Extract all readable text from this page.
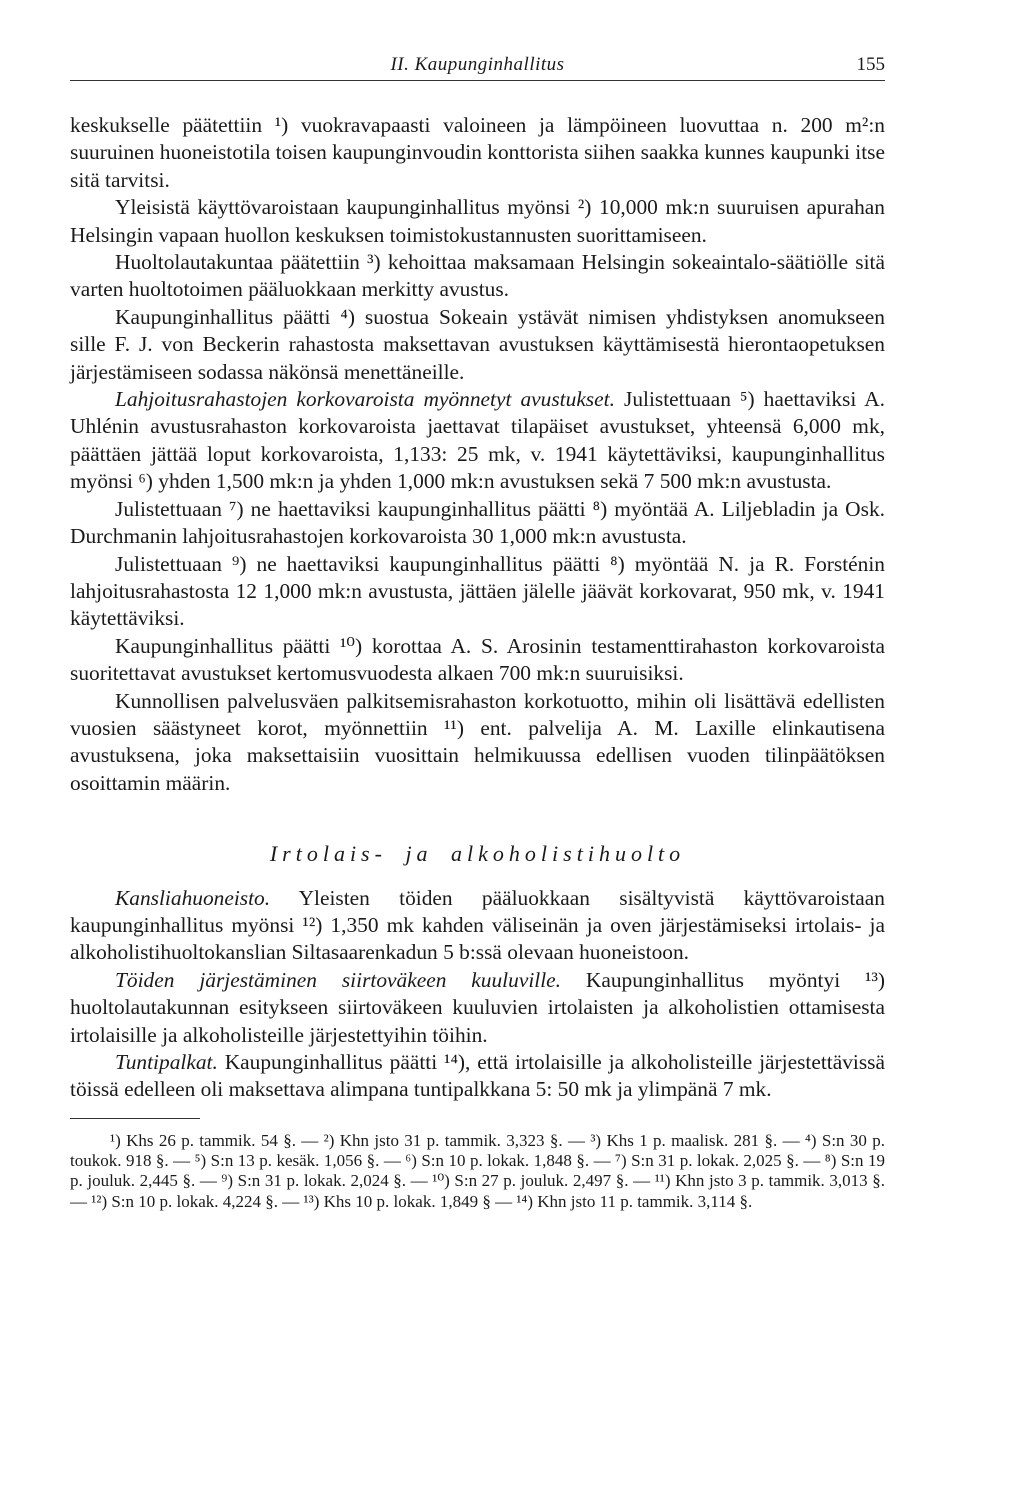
II. Kaupunginhallitus	155

keskukselle päätettiin ¹) vuokravapaasti valoineen ja lämpöineen luovuttaa n. 200 m²:n suuruinen huoneistotila toisen kaupunginvoudin konttorista siihen saakka kunnes kaupunki itse sitä tarvitsi.

Yleisistä käyttövaroistaan kaupunginhallitus myönsi ²) 10,000 mk:n suuruisen apurahan Helsingin vapaan huollon keskuksen toimistokustannusten suorittamiseen.

Huoltolautakuntaa päätettiin ³) kehoittaa maksamaan Helsingin sokeaintalo-säätiölle sitä varten huoltotoimen pääluokkaan merkitty avustus.

Kaupunginhallitus päätti ⁴) suostua Sokeain ystävät nimisen yhdistyksen anomukseen sille F. J. von Beckerin rahastosta maksettavan avustuksen käyttämisestä hierontaopetuksen järjestämiseen sodassa näkönsä menettäneille.

Lahjoitusrahastojen korkovaroista myönnetyt avustukset. Julistettuaan ⁵) haettaviksi A. Uhlénin avustusrahaston korkovaroista jaettavat tilapäiset avustukset, yhteensä 6,000 mk, päättäen jättää loput korkovaroista, 1,133: 25 mk, v. 1941 käytettäviksi, kaupunginhallitus myönsi ⁶) yhden 1,500 mk:n ja yhden 1,000 mk:n avustuksen sekä 7 500 mk:n avustusta.

Julistettuaan ⁷) ne haettaviksi kaupunginhallitus päätti ⁸) myöntää A. Liljebladin ja Osk. Durchmanin lahjoitusrahastojen korkovaroista 30 1,000 mk:n avustusta.

Julistettuaan ⁹) ne haettaviksi kaupunginhallitus päätti ⁸) myöntää N. ja R. Forsténin lahjoitusrahastosta 12 1,000 mk:n avustusta, jättäen jälelle jäävät korkovarat, 950 mk, v. 1941 käytettäviksi.

Kaupunginhallitus päätti ¹⁰) korottaa A. S. Arosinin testamenttirahaston korkovaroista suoritettavat avustukset kertomusvuodesta alkaen 700 mk:n suuruisiksi.

Kunnollisen palvelusväen palkitsemisrahaston korkotuotto, mihin oli lisättävä edellisten vuosien säästyneet korot, myönnettiin ¹¹) ent. palvelija A. M. Laxille elinkautisena avustuksena, joka maksettaisiin vuosittain helmikuussa edellisen vuoden tilinpäätöksen osoittamin määrin.

Irtolais- ja alkoholistihuolto

Kansliahuoneisto. Yleisten töiden pääluokkaan sisältyvistä käyttövaroistaan kaupunginhallitus myönsi ¹²) 1,350 mk kahden väliseinän ja oven järjestämiseksi irtolais- ja alkoholistihuoltokanslian Siltasaarenkadun 5 b:ssä olevaan huoneistoon.

Töiden järjestäminen siirtoväkeen kuuluville. Kaupunginhallitus myöntyi ¹³) huoltolautakunnan esitykseen siirtoväkeen kuuluvien irtolaisten ja alkoholistien ottamisesta irtolaisille ja alkoholisteille järjestettyihin töihin.

Tuntipalkat. Kaupunginhallitus päätti ¹⁴), että irtolaisille ja alkoholisteille järjestettävissä töissä edelleen oli maksettava alimpana tuntipalkkana 5: 50 mk ja ylimpänä 7 mk.

¹) Khs 26 p. tammik. 54 §. — ²) Khn jsto 31 p. tammik. 3,323 §. — ³) Khs 1 p. maalisk. 281 §. — ⁴) S:n 30 p. toukok. 918 §. — ⁵) S:n 13 p. kesäk. 1,056 §. — ⁶) S:n 10 p. lokak. 1,848 §. — ⁷) S:n 31 p. lokak. 2,025 §. — ⁸) S:n 19 p. jouluk. 2,445 §. — ⁹) S:n 31 p. lokak. 2,024 §. — ¹⁰) S:n 27 p. jouluk. 2,497 §. — ¹¹) Khn jsto 3 p. tammik. 3,013 §. — ¹²) S:n 10 p. lokak. 4,224 §. — ¹³) Khs 10 p. lokak. 1,849 § — ¹⁴) Khn jsto 11 p. tammik. 3,114 §.
